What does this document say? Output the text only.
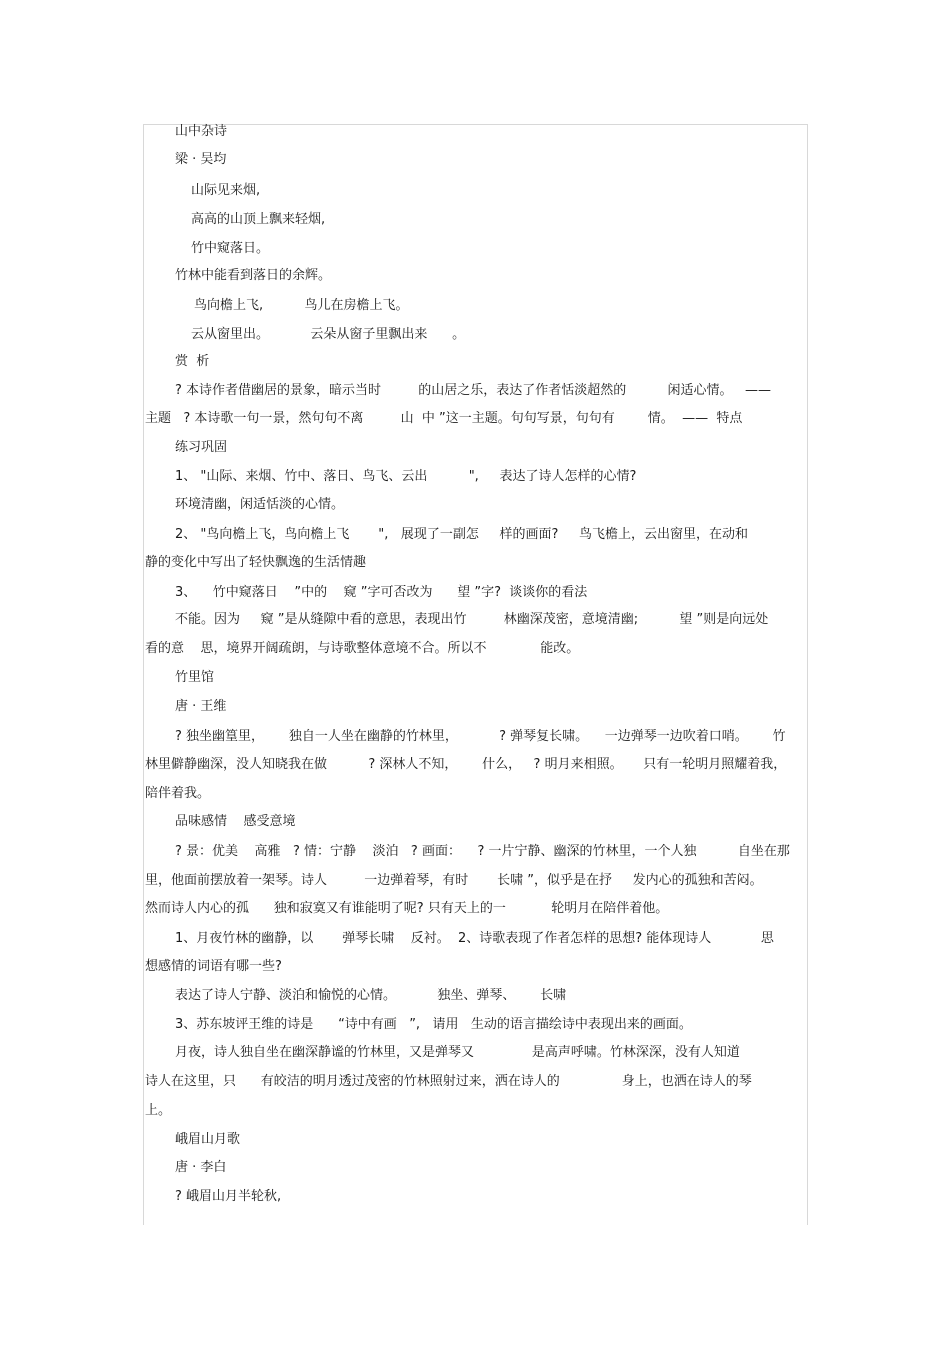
山中杂诗
梁 · 吴均
山际见来烟,
高高的山顶上飘来轻烟,
竹中窥落日。
竹林中能看到落日的余辉。
鸟向檐上飞,          鸟儿在房檐上飞。
云从窗里出。          云朵从窗子里飘出来      。
赏  析
? 本诗作者借幽居的景象，暗示当时         的山居之乐，表达了作者恬淡超然的          闲适心情。   ——
主题   ? 本诗歌一句一景，然句句不离         山  中 ”这一主题。句句写景，句句有        情。  ——  特点
练习巩固
1、 "山际、来烟、竹中、落日、鸟飞、云出          ",     表达了诗人怎样的心情?
环境清幽，闲适恬淡的心情。
2、 "鸟向檐上飞，鸟向檐上飞       ",   展现了一副怎     样的画面?     鸟飞檐上，云出窗里，在动和
静的变化中写出了轻快飘逸的生活情趣
3、    竹中窥落日    ”中的    窥 ”字可否改为      望 ”字?  谈谈你的看法
不能。因为     窥 ”是从缝隙中看的意思，表现出竹         林幽深茂密，意境清幽;          望 ”则是向远处
看的意    思，境界开阔疏朗，与诗歌整体意境不合。所以不             能改。
竹里馆
唐 · 王维
? 独坐幽篁里，      独自一人坐在幽静的竹林里，          ? 弹琴复长啸。    一边弹琴一边吹着口哨。      竹
林里僻静幽深，没人知晓我在做          ? 深林人不知，      什么，   ? 明月来相照。     只有一轮明月照耀着我，
陪伴着我。
品味感情    感受意境
? 景：优美    高雅   ? 情：宁静    淡泊   ? 画面：    ? 一片宁静、幽深的竹林里，一个人独          自坐在那
里，他面前摆放着一架琴。诗人         一边弹着琴，有时       长啸 ”，似乎是在抒     发内心的孤独和苦闷。
然而诗人内心的孤      独和寂寞又有谁能明了呢? 只有天上的一           轮明月在陪伴着他。
1、月夜竹林的幽静，以       弹琴长啸    反衬。  2、诗歌表现了作者怎样的思想? 能体现诗人            思
想感情的词语有哪一些?
表达了诗人宁静、淡泊和愉悦的心情。          独坐、弹琴、      长啸
3、苏东坡评王维的诗是      “诗中有画   ”,   请用   生动的语言描绘诗中表现出来的画面。
月夜，诗人独自坐在幽深静谧的竹林里，又是弹琴又              是高声呼啸。竹林深深，没有人知道
诗人在这里，只      有皎洁的明月透过茂密的竹林照射过来，洒在诗人的               身上，也洒在诗人的琴
上。
峨眉山月歌
唐 · 李白
? 峨眉山月半轮秋,
